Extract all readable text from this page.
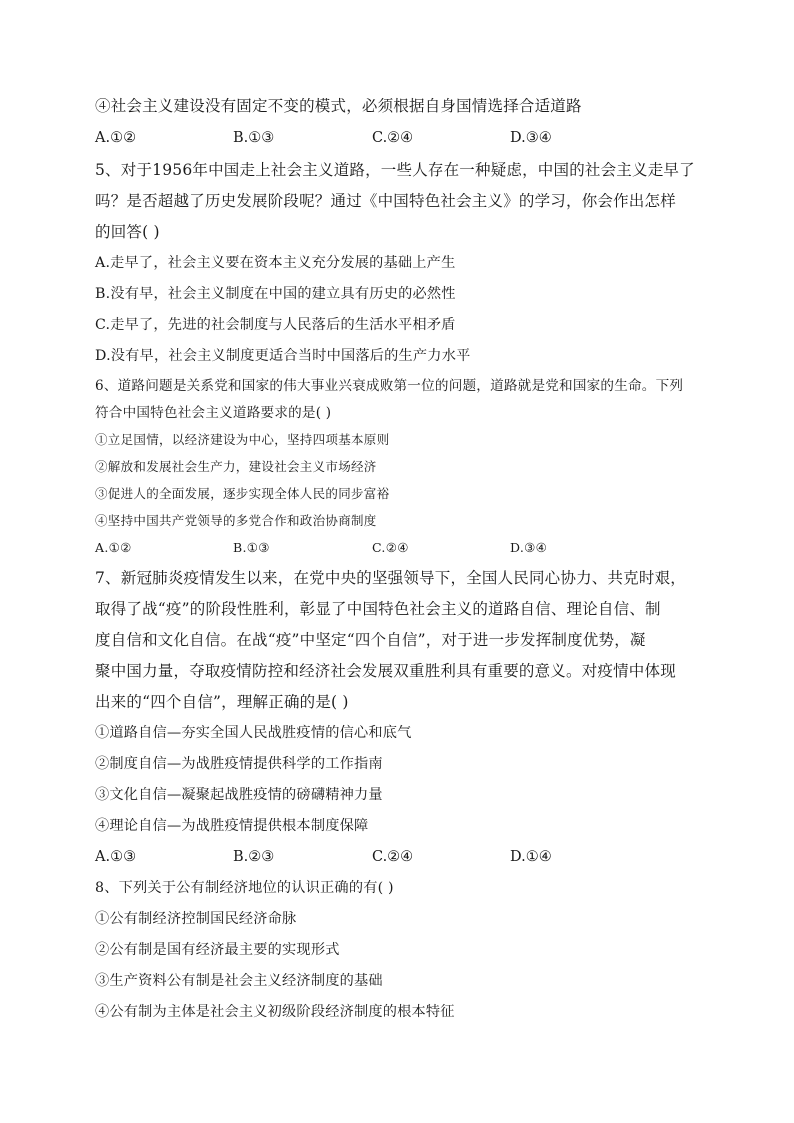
④社会主义建设没有固定不变的模式，必须根据自身国情选择合适道路
A.①②	B.①③	C.②④	D.③④
5、对于1956年中国走上社会主义道路，一些人存在一种疑虑，中国的社会主义走早了
吗？是否超越了历史发展阶段呢？通过《中国特色社会主义》的学习，你会作出怎样
的回答( )
A.走早了，社会主义要在资本主义充分发展的基础上产生
B.没有早，社会主义制度在中国的建立具有历史的必然性
C.走早了，先进的社会制度与人民落后的生活水平相矛盾
D.没有早，社会主义制度更适合当时中国落后的生产力水平
6、道路问题是关系党和国家的伟大事业兴衰成败第一位的问题，道路就是党和国家的生命。下列
符合中国特色社会主义道路要求的是( )
①立足国情，以经济建设为中心，坚持四项基本原则
②解放和发展社会生产力，建设社会主义市场经济
③促进人的全面发展，逐步实现全体人民的同步富裕
④坚持中国共产党领导的多党合作和政治协商制度
A.①②	B.①③	C.②④	D.③④
7、新冠肺炎疫情发生以来，在党中央的坚强领导下，全国人民同心协力、共克时艰，
取得了战“疫”的阶段性胜利，彰显了中国特色社会主义的道路自信、理论自信、制
度自信和文化自信。在战“疫”中坚定“四个自信”，对于进一步发挥制度优势，凝
聚中国力量，夺取疫情防控和经济社会发展双重胜利具有重要的意义。对疫情中体现
出来的“四个自信”，理解正确的是( )
①道路自信—夯实全国人民战胜疫情的信心和底气
②制度自信—为战胜疫情提供科学的工作指南
③文化自信—凝聚起战胜疫情的磅礴精神力量
④理论自信—为战胜疫情提供根本制度保障
A.①③	B.②③	C.②④	D.①④
8、下列关于公有制经济地位的认识正确的有( )
①公有制经济控制国民经济命脉
②公有制是国有经济最主要的实现形式
③生产资料公有制是社会主义经济制度的基础
④公有制为主体是社会主义初级阶段经济制度的根本特征
